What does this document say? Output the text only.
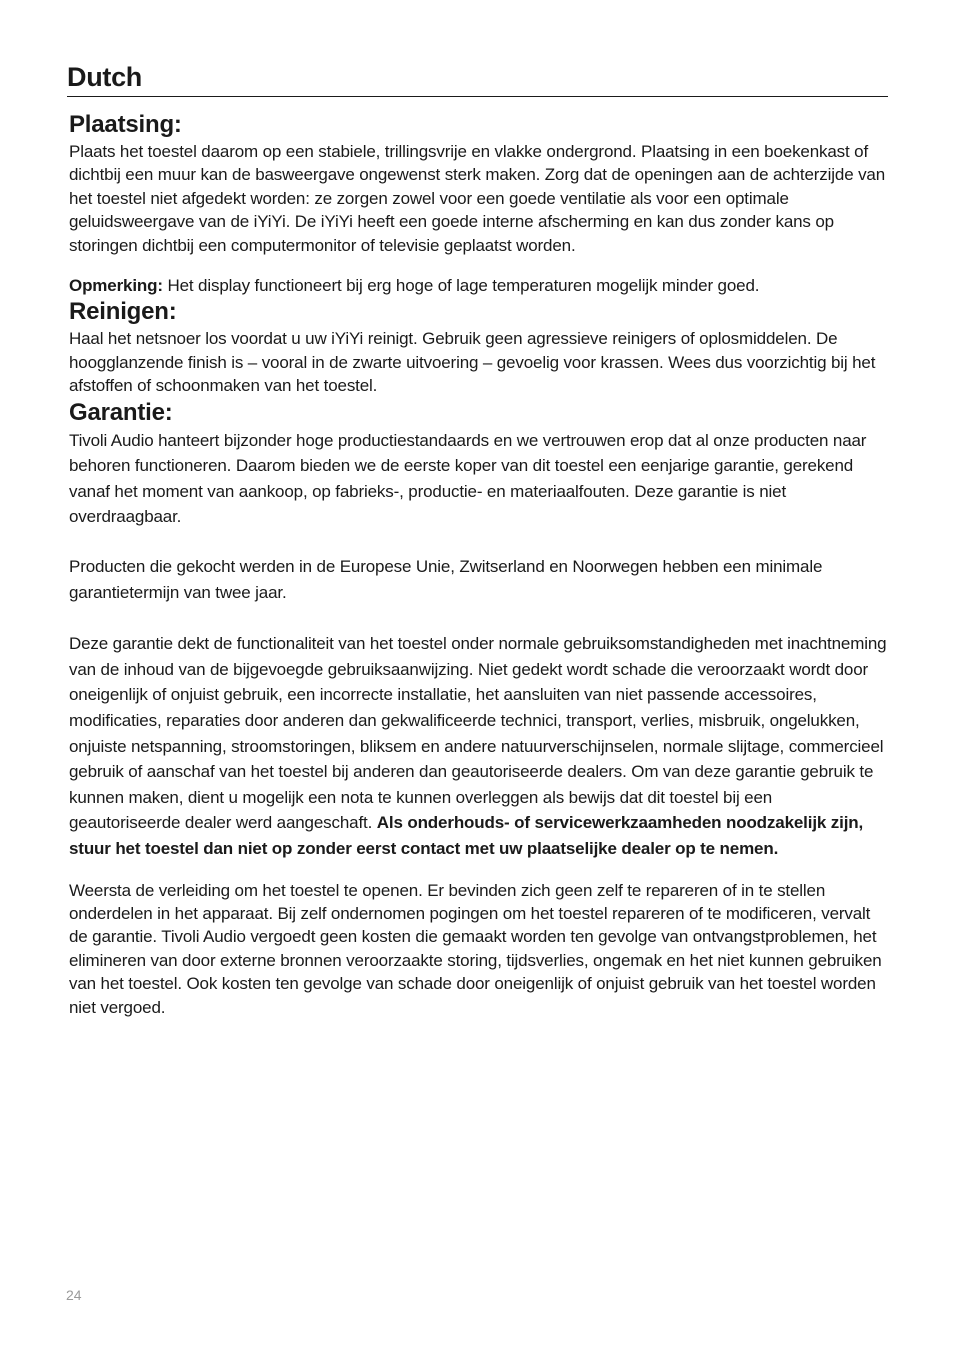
Dutch
Plaatsing:

Plaats het toestel daarom op een stabiele, trillingsvrije en vlakke ondergrond. Plaatsing in een boekenkast of dichtbij een muur kan de basweergave ongewenst sterk maken. Zorg dat de openingen aan de achterzijde van het toestel niet afgedekt worden: ze zorgen zowel voor een goede ventilatie als voor een optimale geluidsweergave van de iYiYi. De iYiYi heeft een goede interne afscherming en kan dus zonder kans op storingen dichtbij een computermonitor of televisie geplaatst worden.

Opmerking: Het display functioneert bij erg hoge of lage temperaturen mogelijk minder goed.

Reinigen:

Haal het netsnoer los voordat u uw iYiYi reinigt. Gebruik geen agressieve reinigers of oplosmiddelen. De hoogglanzende finish is – vooral in de zwarte uitvoering – gevoelig voor krassen. Wees dus voorzichtig bij het afstoffen of schoonmaken van het toestel.

Garantie:

Tivoli Audio hanteert bijzonder hoge productiestandaards en we vertrouwen erop dat al onze producten naar behoren functioneren. Daarom bieden we de eerste koper van dit toestel een eenjarige garantie, gerekend vanaf het moment van aankoop, op fabrieks-, productie- en materiaalfouten. Deze garantie is niet overdraagbaar.

Producten die gekocht werden in de Europese Unie, Zwitserland en Noorwegen hebben een minimale garantietermijn van twee jaar.

Deze garantie dekt de functionaliteit van het toestel onder normale gebruiksomstandigheden met inachtneming van de inhoud van de bijgevoegde gebruiksaanwijzing. Niet gedekt wordt schade die veroorzaakt wordt door oneigenlijk of onjuist gebruik, een incorrecte installatie, het aansluiten van niet passende accessoires, modificaties, reparaties door anderen dan gekwalificeerde technici, transport, verlies, misbruik, ongelukken, onjuiste netspanning, stroomstoringen, bliksem en andere natuurverschijnselen, normale slijtage, commercieel gebruik of aanschaf van het toestel bij anderen dan geautoriseerde dealers. Om van deze garantie gebruik te kunnen maken, dient u mogelijk een nota te kunnen overleggen als bewijs dat dit toestel bij een geautoriseerde dealer werd aangeschaft. Als onderhouds- of servicewerkzaamheden noodzakelijk zijn, stuur het toestel dan niet op zonder eerst contact met uw plaatselijke dealer op te nemen.

Weersta de verleiding om het toestel te openen. Er bevinden zich geen zelf te repareren of in te stellen onderdelen in het apparaat. Bij zelf ondernomen pogingen om het toestel repareren of te modificeren, vervalt de garantie. Tivoli Audio vergoedt geen kosten die gemaakt worden ten gevolge van ontvangstproblemen, het elimineren van door externe bronnen veroorzaakte storing, tijdsverlies, ongemak en het niet kunnen gebruiken van het toestel. Ook kosten ten gevolge van schade door oneigenlijk of onjuist gebruik van het toestel worden niet vergoed.

24
